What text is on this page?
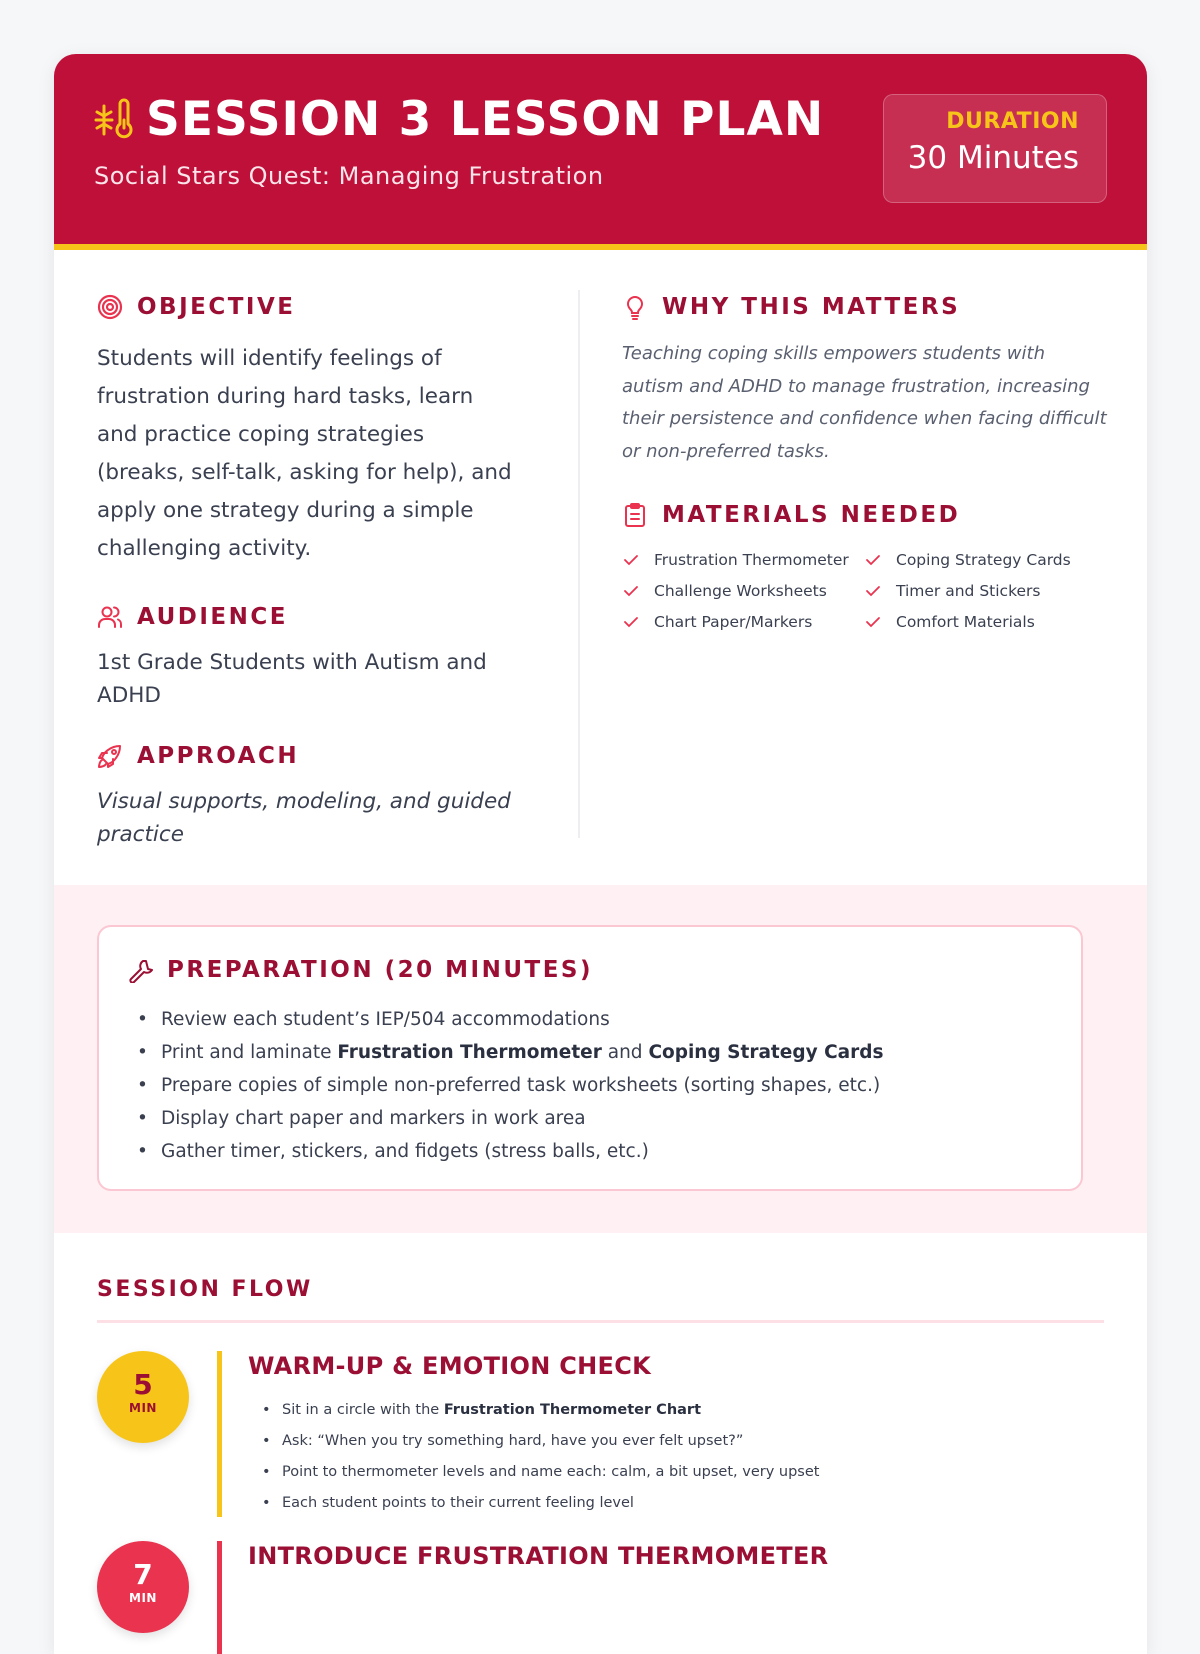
SESSION 3 LESSON PLAN
Social Stars Quest: Managing Frustration
DURATION
30 Minutes
OBJECTIVE

Students will identify feelings of frustration during hard tasks, learn and practice coping strategies (breaks, self-talk, asking for help), and apply one strategy during a simple challenging activity.

AUDIENCE

1st Grade Students with Autism and ADHD

APPROACH

Visual supports, modeling, and guided practice

WHY THIS MATTERS

Teaching coping skills empowers students with autism and ADHD to manage frustration, increasing their persistence and confidence when facing difficult or non-preferred tasks.

MATERIALS NEEDED
Frustration Thermometer	Coping Strategy Cards
Challenge Worksheets	Timer and Stickers
Chart Paper/Markers	Comfort Materials
PREPARATION (20 MINUTES)
• Review each student’s IEP/504 accommodations
• Print and laminate Frustration Thermometer and Coping Strategy Cards
• Prepare copies of simple non-preferred task worksheets (sorting shapes, etc.)
• Display chart paper and markers in work area
• Gather timer, stickers, and fidgets (stress balls, etc.)
SESSION FLOW
5
MIN
WARM-UP & EMOTION CHECK
• Sit in a circle with the Frustration Thermometer Chart
• Ask: “When you try something hard, have you ever felt upset?”
• Point to thermometer levels and name each: calm, a bit upset, very upset
• Each student points to their current feeling level
7
MIN
INTRODUCE FRUSTRATION THERMOMETER
